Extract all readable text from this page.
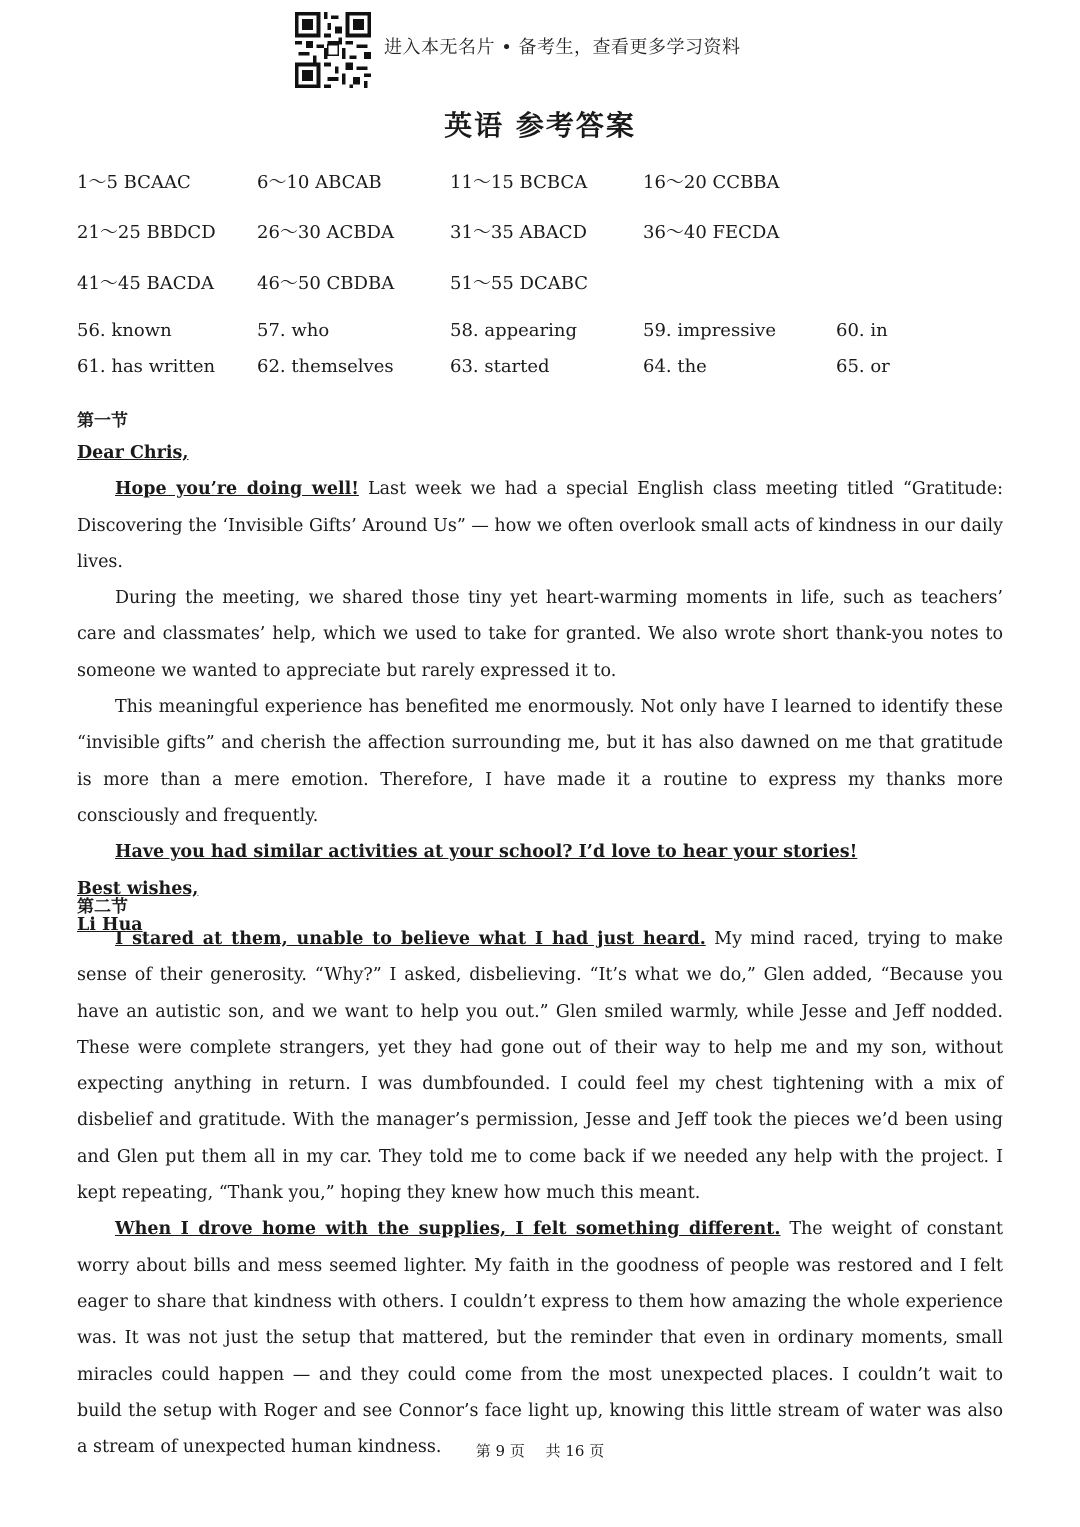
进入本无名片 • 备考生，查看更多学习资料
英语 参考答案
1～5 BCAAC	6～10 ABCAB	11～15 BCBCA	16～20 CCBBA
21～25 BBDCD 26～30 ACBDA	31～35 ABACD	36～40 FECDA
41～45 BACDA 46～50 CBDBA	51～55 DCABC
56. known	57. who	58. appearing	59. impressive	60. in
61. has written 62. themselves	63. started	64. the	65. or
第一节
Dear Chris,
Hope you’re doing well! Last week we had a special English class meeting titled “Gratitude: Discovering the ‘Invisible Gifts’ Around Us” — how we often overlook small acts of kindness in our daily lives.
During the meeting, we shared those tiny yet heart-warming moments in life, such as teachers’ care and classmates’ help, which we used to take for granted. We also wrote short thank-you notes to someone we wanted to appreciate but rarely expressed it to.
This meaningful experience has benefited me enormously. Not only have I learned to identify these “invisible gifts” and cherish the affection surrounding me, but it has also dawned on me that gratitude is more than a mere emotion. Therefore, I have made it a routine to express my thanks more consciously and frequently.
Have you had similar activities at your school? I’d love to hear your stories!
Best wishes,
Li Hua
第二节
I stared at them, unable to believe what I had just heard. My mind raced, trying to make sense of their generosity. “Why?” I asked, disbelieving. “It’s what we do,” Glen added, “Because you have an autistic son, and we want to help you out.” Glen smiled warmly, while Jesse and Jeff nodded. These were complete strangers, yet they had gone out of their way to help me and my son, without expecting anything in return. I was dumbfounded. I could feel my chest tightening with a mix of disbelief and gratitude. With the manager’s permission, Jesse and Jeff took the pieces we’d been using and Glen put them all in my car. They told me to come back if we needed any help with the project. I kept repeating, “Thank you,” hoping they knew how much this meant.
When I drove home with the supplies, I felt something different. The weight of constant worry about bills and mess seemed lighter. My faith in the goodness of people was restored and I felt eager to share that kindness with others. I couldn’t express to them how amazing the whole experience was. It was not just the setup that mattered, but the reminder that even in ordinary moments, small miracles could happen — and they could come from the most unexpected places. I couldn’t wait to build the setup with Roger and see Connor’s face light up, knowing this little stream of water was also a stream of unexpected human kindness.	第 9 页 共 16 页
